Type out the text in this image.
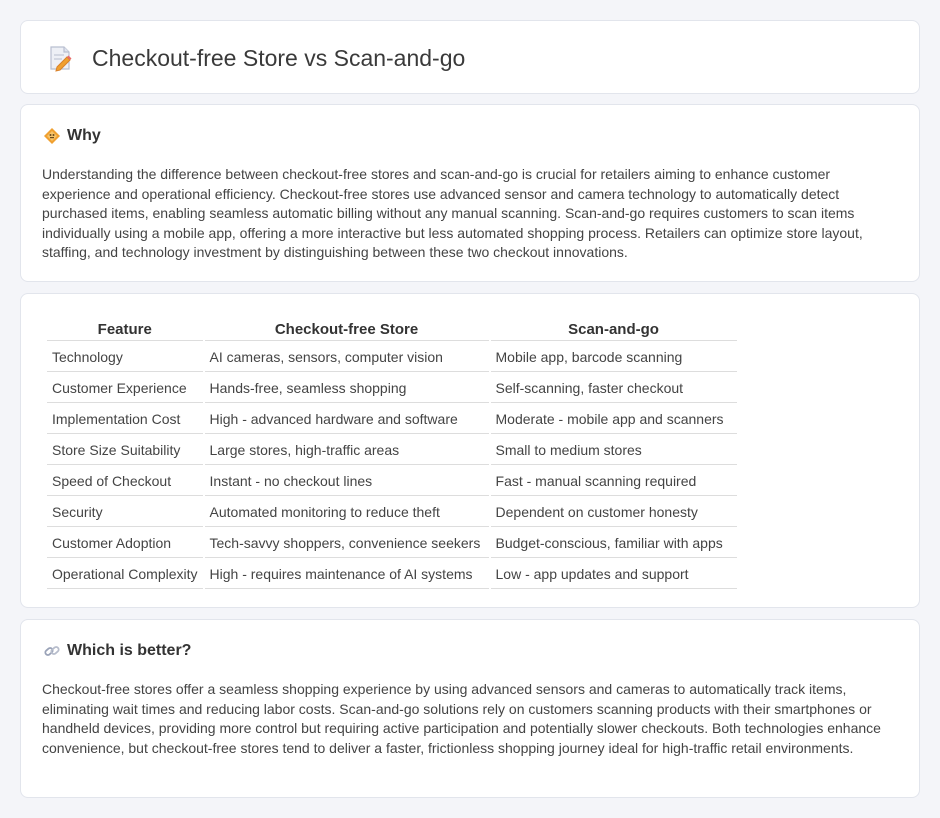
Checkout-free Store vs Scan-and-go
Why

Understanding the difference between checkout-free stores and scan-and-go is crucial for retailers aiming to enhance customer experience and operational efficiency. Checkout-free stores use advanced sensor and camera technology to automatically detect purchased items, enabling seamless automatic billing without any manual scanning. Scan-and-go requires customers to scan items individually using a mobile app, offering a more interactive but less automated shopping process. Retailers can optimize store layout, staffing, and technology investment by distinguishing between these two checkout innovations.

Feature	Checkout-free Store	Scan-and-go
Technology	AI cameras, sensors, computer vision	Mobile app, barcode scanning
Customer Experience	Hands-free, seamless shopping	Self-scanning, faster checkout
Implementation Cost	High - advanced hardware and software	Moderate - mobile app and scanners
Store Size Suitability	Large stores, high-traffic areas	Small to medium stores
Speed of Checkout	Instant - no checkout lines	Fast - manual scanning required
Security	Automated monitoring to reduce theft	Dependent on customer honesty
Customer Adoption	Tech-savvy shoppers, convenience seekers	Budget-conscious, familiar with apps
Operational Complexity	High - requires maintenance of AI systems	Low - app updates and support
Which is better?

Checkout-free stores offer a seamless shopping experience by using advanced sensors and cameras to automatically track items, eliminating wait times and reducing labor costs. Scan-and-go solutions rely on customers scanning products with their smartphones or handheld devices, providing more control but requiring active participation and potentially slower checkouts. Both technologies enhance convenience, but checkout-free stores tend to deliver a faster, frictionless shopping journey ideal for high-traffic retail environments.
